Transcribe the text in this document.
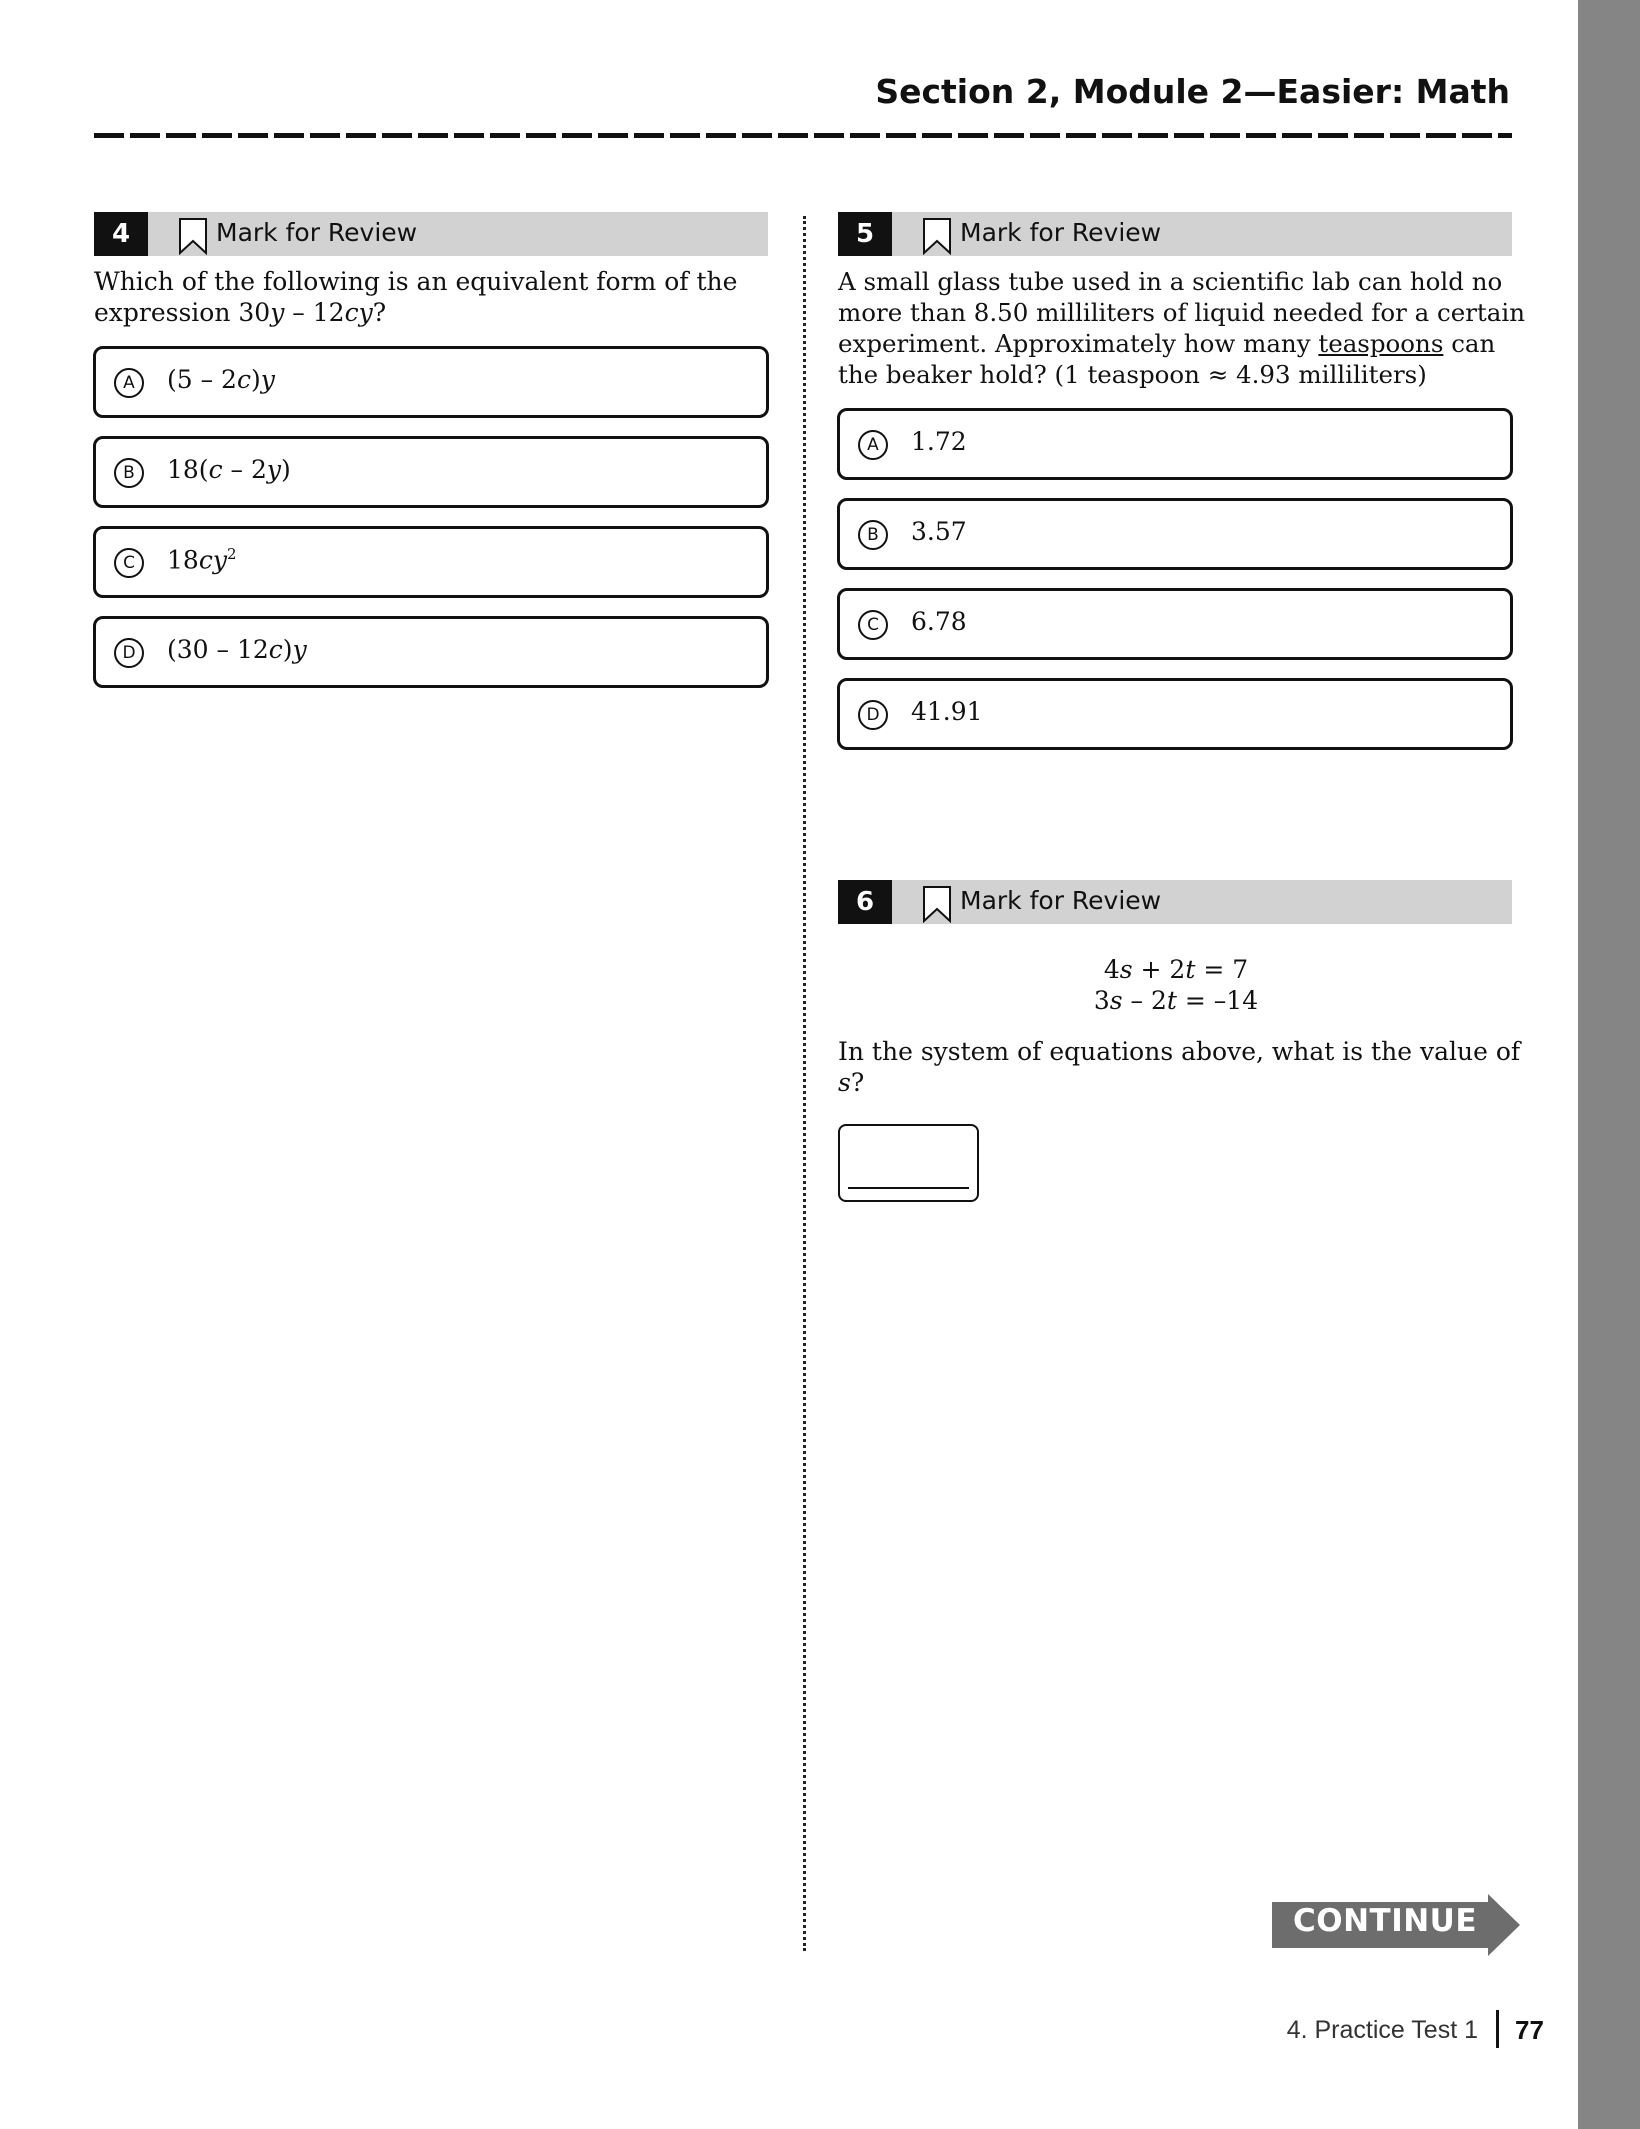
Section 2, Module 2—Easier: Math
4	Mark for Review
Which of the following is an equivalent form of the
expression 30y – 12cy?
A	(5 – 2c)y
B	18(c – 2y)
C	$18cy^2$
D	(30 – 12c)y
5	Mark for Review
A small glass tube used in a scientific lab can hold no
more than 8.50 milliliters of liquid needed for a certain
experiment. Approximately how many teaspoons can
the beaker hold? (1 teaspoon ≈ 4.93 milliliters)
A	1.72
B	3.57
C	6.78
D	41.91
6	Mark for Review
4s + 2t = 7
3s – 2t = –14
In the system of equations above, what is the value of s?
CONTINUE
4. Practice Test 1 77
